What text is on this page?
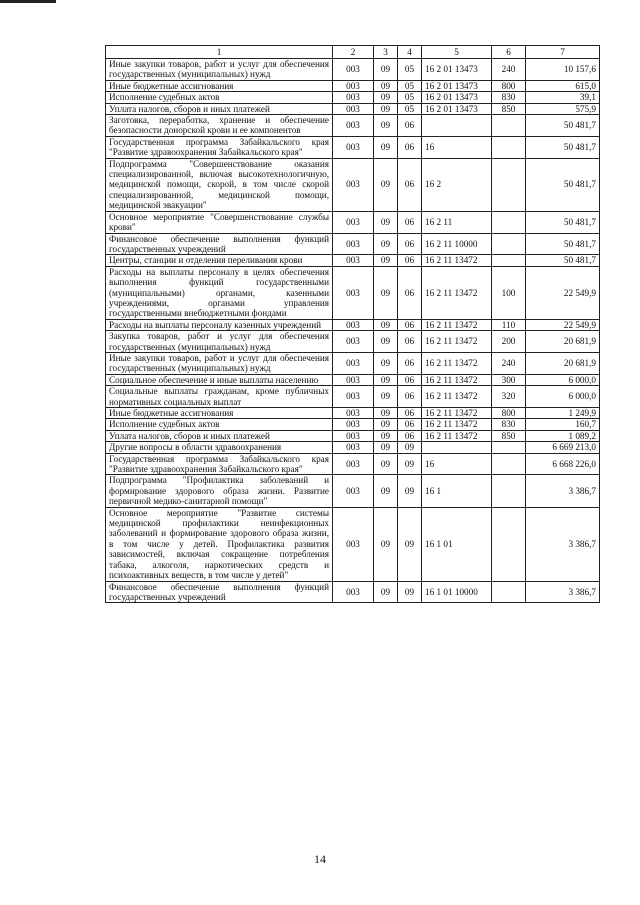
1	2	3	4	5	6	7
Иные закупки товаров, работ и услуг для обеспечения государственных (муниципальных) нужд	003	09	05	16 2 01 13473	240	10 157,6
Иные бюджетные ассигнования	003	09	05	16 2 01 13473	800	615,0
Исполнение судебных актов	003	09	05	16 2 01 13473	830	39,1
Уплата налогов, сборов и иных платежей	003	09	05	16 2 01 13473	850	575,9
Заготовка, переработка, хранение и обеспечение безопасности донорской крови и ее компонентов	003	09	06			50 481,7
Государственная программа Забайкальского края "Развитие здравоохранения Забайкальского края"	003	09	06	16		50 481,7
Подпрограмма "Совершенствование оказания специализированной, включая высокотехнологичную, медицинской помощи, скорой, в том числе скорой специализированной, медицинской помощи, медицинской эвакуации"	003	09	06	16 2		50 481,7
Основное мероприятие "Совершенствование службы крови"	003	09	06	16 2 11		50 481,7
Финансовое обеспечение выполнения функций государственных учреждений	003	09	06	16 2 11 10000		50 481,7
Центры, станции и отделения переливания крови	003	09	06	16 2 11 13472		50 481,7
Расходы на выплаты персоналу в целях обеспечения выполнения функций государственными (муниципальными) органами, казенными учреждениями, органами управления государственными внебюджетными фондами	003	09	06	16 2 11 13472	100	22 549,9
Расходы на выплаты персоналу казенных учреждений	003	09	06	16 2 11 13472	110	22 549,9
Закупка товаров, работ и услуг для обеспечения государственных (муниципальных) нужд	003	09	06	16 2 11 13472	200	20 681,9
Иные закупки товаров, работ и услуг для обеспечения государственных (муниципальных) нужд	003	09	06	16 2 11 13472	240	20 681,9
Социальное обеспечение и иные выплаты населению	003	09	06	16 2 11 13472	300	6 000,0
Социальные выплаты гражданам, кроме публичных нормативных социальных выплат	003	09	06	16 2 11 13472	320	6 000,0
Иные бюджетные ассигнования	003	09	06	16 2 11 13472	800	1 249,9
Исполнение судебных актов	003	09	06	16 2 11 13472	830	160,7
Уплата налогов, сборов и иных платежей	003	09	06	16 2 11 13472	850	1 089,2
Другие вопросы в области здравоохранения	003	09	09			6 669 213,0
Государственная программа Забайкальского края "Развитие здравоохранения Забайкальского края"	003	09	09	16		6 668 226,0
Подпрограмма "Профилактика заболеваний и формирование здорового образа жизни. Развитие первичной медико-санитарной помощи"	003	09	09	16 1		3 386,7
Основное мероприятие "Развитие системы медицинской профилактики неинфекционных заболеваний и формирование здорового образа жизни, в том числе у детей. Профилактика развития зависимостей, включая сокращение потребления табака, алкоголя, наркотических средств и психоактивных веществ, в том числе у детей"	003	09	09	16 1 01		3 386,7
Финансовое обеспечение выполнения функций государственных учреждений	003	09	09	16 1 01 10000		3 386,7
14
